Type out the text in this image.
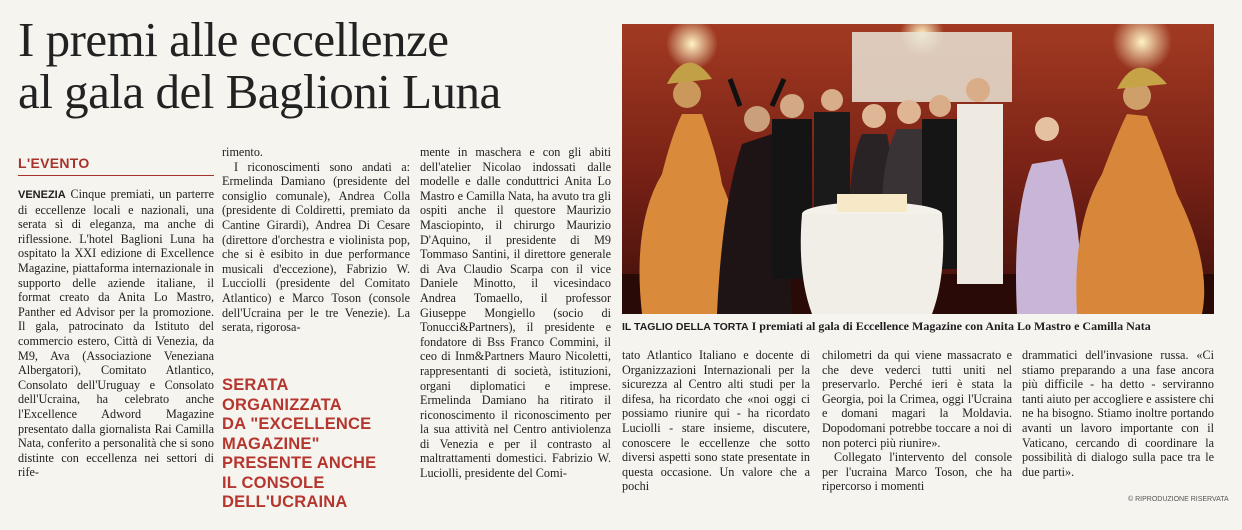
I premi alle eccellenze
al gala del Baglioni Luna
L'EVENTO

VENEZIA Cinque premiati, un parterre di eccellenze locali e nazionali, una serata sì di eleganza, ma anche di riflessione. L'hotel Baglioni Luna ha ospitato la XXI edizione di Excellence Magazine, piattaforma internazionale in supporto delle aziende italiane, il format creato da Anita Lo Mastro, Panther ed Advisor per la promozione. Il gala, patrocinato da Istituto del commercio estero, Città di Venezia, da M9, Ava (Associazione Veneziana Albergatori), Comitato Atlantico, Consolato dell'Uruguay e Consolato dell'Ucraina, ha celebrato anche l'Excellence Adword Magazine presentato dalla giornalista Rai Camilla Nata, conferito a personalità che si sono distinte con eccellenza nei settori di rife-

rimento.

I riconoscimenti sono andati a: Ermelinda Damiano (presidente del consiglio comunale), Andrea Colla (presidente di Coldiretti, premiato da Cantine Girardi), Andrea Di Cesare (direttore d'orchestra e violinista pop, che si è esibito in due performance musicali d'eccezione), Fabrizio W. Lucciolli (presidente del Comitato Atlantico) e Marco Toson (console dell'Ucraina per le tre Venezie). La serata, rigorosa-

SERATA ORGANIZZATA
DA "EXCELLENCE
MAGAZINE"
PRESENTE ANCHE
IL CONSOLE
DELL'UCRAINA

mente in maschera e con gli abiti dell'atelier Nicolao indossati dalle modelle e dalle conduttrici Anita Lo Mastro e Camilla Nata, ha avuto tra gli ospiti anche il questore Maurizio Masciopinto, il chirurgo Maurizio D'Aquino, il presidente di M9 Tommaso Santini, il direttore generale di Ava Claudio Scarpa con il vice Daniele Minotto, il vicesindaco Andrea Tomaello, il professor Giuseppe Mongiello (socio di Tonucci&Partners), il presidente e fondatore di Bss Franco Commini, il ceo di Inm&Partners Mauro Nicoletti, rappresentanti di società, istituzioni, organi diplomatici e imprese. Ermelinda Damiano ha ritirato il riconoscimento il riconoscimento per la sua attività nel Centro antiviolenza di Venezia e per il contrasto al maltrattamenti domestici. Fabrizio W. Luciolli, presidente del Comi-

IL TAGLIO DELLA TORTA I premiati al gala di Eccellence Magazine con Anita Lo Mastro e Camilla Nata

tato Atlantico Italiano e docente di Organizzazioni Internazionali per la sicurezza al Centro alti studi per la difesa, ha ricordato che «noi oggi ci possiamo riunire qui - ha ricordato Luciolli - stare insieme, discutere, conoscere le eccellenze che sotto diversi aspetti sono state presentate in questa occasione. Un valore che a pochi

chilometri da qui viene massacrato e che deve vederci tutti uniti nel preservarlo. Perché ieri è stata la Georgia, poi la Crimea, oggi l'Ucraina e domani magari la Moldavia. Dopodomani potrebbe toccare a noi di non poterci più riunire».

Collegato l'intervento del console per l'ucraina Marco Toson, che ha ripercorso i momenti

drammatici dell'invasione russa. «Ci stiamo preparando a una fase ancora più difficile - ha detto - serviranno tanti aiuto per accogliere e assistere chi ne ha bisogno. Stiamo inoltre portando avanti un lavoro importante con il Vaticano, cercando di coordinare la possibilità di dialogo sulla pace tra le due parti».

© RIPRODUZIONE RISERVATA
